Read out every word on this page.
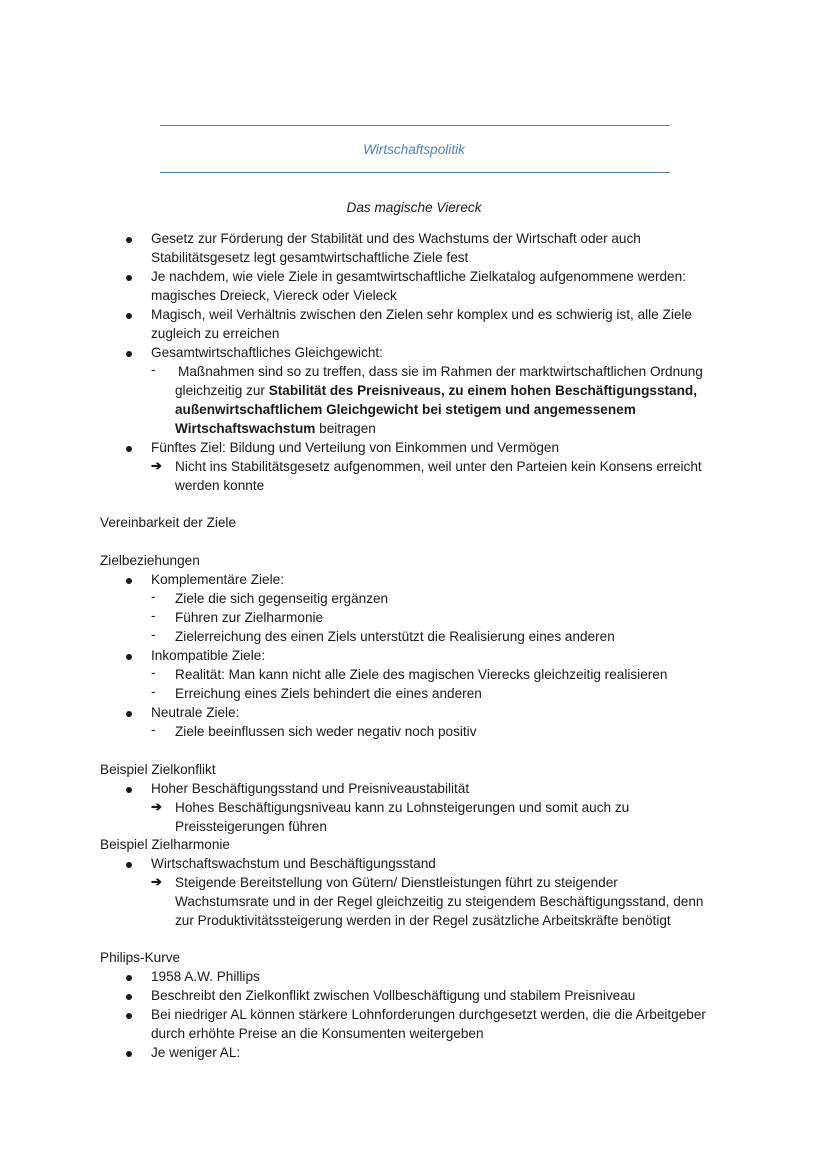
Wirtschaftspolitik
Das magische Viereck
Gesetz zur Förderung der Stabilität und des Wachstums der Wirtschaft oder auch
Stabilitätsgesetz legt gesamtwirtschaftliche Ziele fest
Je nachdem, wie viele Ziele in gesamtwirtschaftliche Zielkatalog aufgenommene werden:
magisches Dreieck, Viereck oder Vieleck
Magisch, weil Verhältnis zwischen den Zielen sehr komplex und es schwierig ist, alle Ziele
zugleich zu erreichen
Gesamtwirtschaftliches Gleichgewicht:
- Maßnahmen sind so zu treffen, dass sie im Rahmen der marktwirtschaftlichen Ordnung
gleichzeitig zur Stabilität des Preisniveaus, zu einem hohen Beschäftigungsstand,
außenwirtschaftlichem Gleichgewicht bei stetigem und angemessenem
Wirtschaftswachstum beitragen
Fünftes Ziel: Bildung und Verteilung von Einkommen und Vermögen
➔ Nicht ins Stabilitätsgesetz aufgenommen, weil unter den Parteien kein Konsens erreicht
werden konnte
Vereinbarkeit der Ziele
Zielbeziehungen
Komplementäre Ziele:
- Ziele die sich gegenseitig ergänzen
- Führen zur Zielharmonie
- Zielerreichung des einen Ziels unterstützt die Realisierung eines anderen
Inkompatible Ziele:
- Realität: Man kann nicht alle Ziele des magischen Vierecks gleichzeitig realisieren
- Erreichung eines Ziels behindert die eines anderen
Neutrale Ziele:
- Ziele beeinflussen sich weder negativ noch positiv
Beispiel Zielkonflikt
Hoher Beschäftigungsstand und Preisniveaustabilität
➔ Hohes Beschäftigungsniveau kann zu Lohnsteigerungen und somit auch zu
Preissteigerungen führen
Beispiel Zielharmonie
Wirtschaftswachstum und Beschäftigungsstand
➔ Steigende Bereitstellung von Gütern/ Dienstleistungen führt zu steigender
Wachstumsrate und in der Regel gleichzeitig zu steigendem Beschäftigungsstand, denn
zur Produktivitätssteigerung werden in der Regel zusätzliche Arbeitskräfte benötigt
Philips-Kurve
1958 A.W. Phillips
Beschreibt den Zielkonflikt zwischen Vollbeschäftigung und stabilem Preisniveau
Bei niedriger AL können stärkere Lohnforderungen durchgesetzt werden, die die Arbeitgeber
durch erhöhte Preise an die Konsumenten weitergeben
Je weniger AL:
